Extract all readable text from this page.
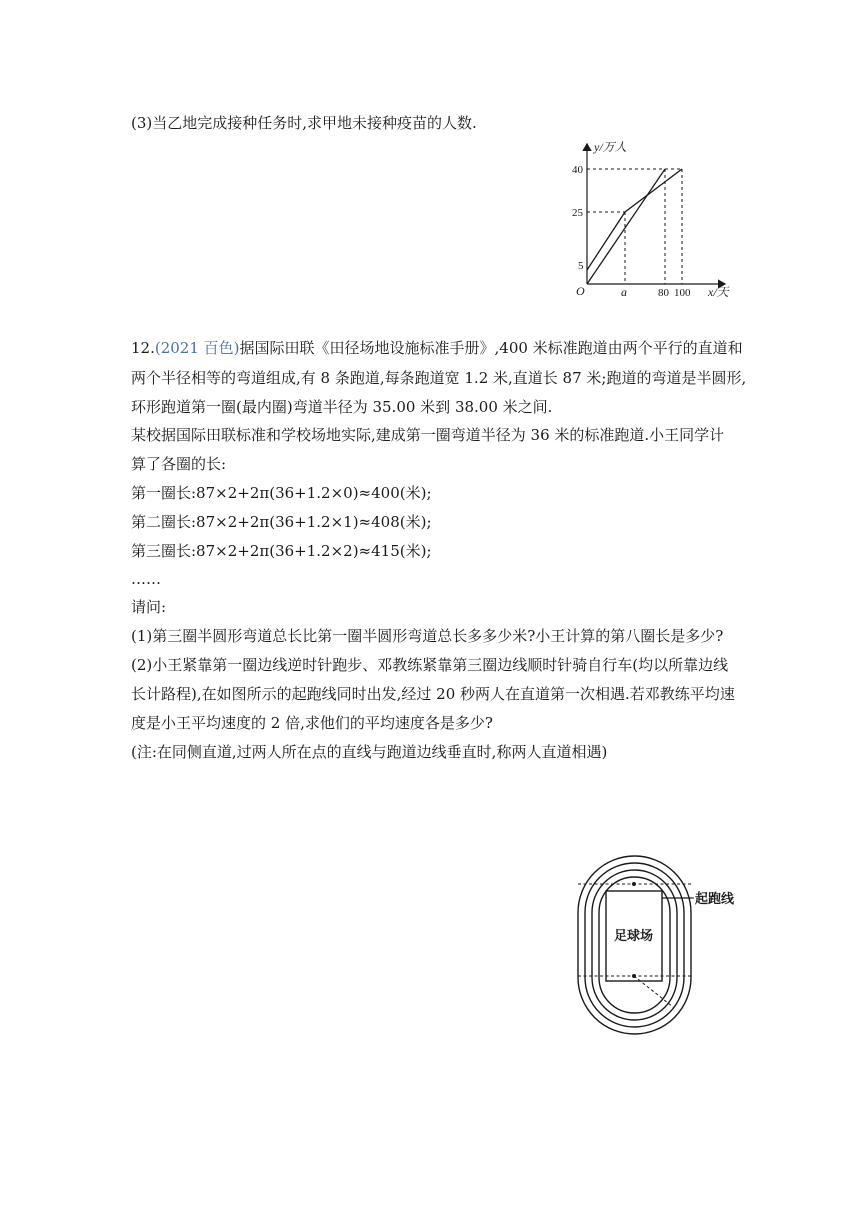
(3)当乙地完成接种任务时,求甲地未接种疫苗的人数.
y/万人
40
25
5
O	a	80 100 x/天
12.(2021 百色)据国际田联《田径场地设施标准手册》,400 米标准跑道由两个平行的直道和
两个半径相等的弯道组成,有 8 条跑道,每条跑道宽 1.2 米,直道长 87 米;跑道的弯道是半圆形,
环形跑道第一圈(最内圈)弯道半径为 35.00 米到 38.00 米之间.
某校据国际田联标准和学校场地实际,建成第一圈弯道半径为 36 米的标准跑道.小王同学计
算了各圈的长:
第一圈长:87×2+2π(36+1.2×0)≈400(米);
第二圈长:87×2+2π(36+1.2×1)≈408(米);
第三圈长:87×2+2π(36+1.2×2)≈415(米);
……
请问:
(1)第三圈半圆形弯道总长比第一圈半圆形弯道总长多多少米?小王计算的第八圈长是多少?
(2)小王紧靠第一圈边线逆时针跑步、邓教练紧靠第三圈边线顺时针骑自行车(均以所靠边线
长计路程),在如图所示的起跑线同时出发,经过 20 秒两人在直道第一次相遇.若邓教练平均速
度是小王平均速度的 2 倍,求他们的平均速度各是多少?
(注:在同侧直道,过两人所在点的直线与跑道边线垂直时,称两人直道相遇)
起跑线
足球场
